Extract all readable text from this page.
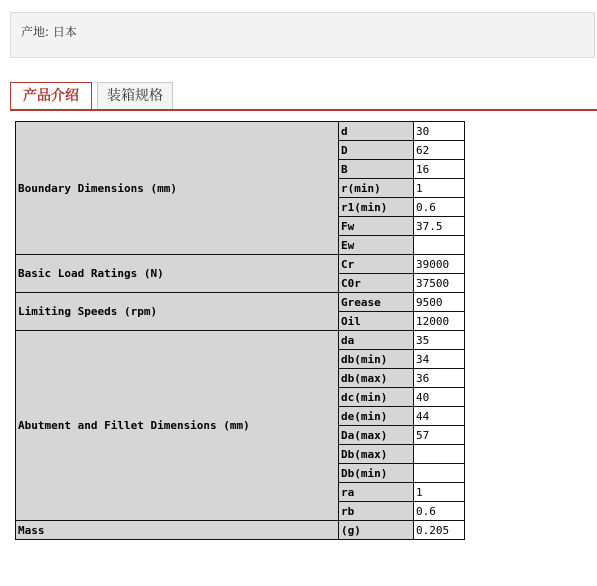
产地: 日本
产品介绍	装箱规格
Boundary Dimensions (mm)	d	30
	D	62
	B	16
	r(min)	1
	r1(min)	0.6
	Fw	37.5
	Ew	
Basic Load Ratings (N)	Cr	39000
	C0r	37500
Limiting Speeds (rpm)	Grease	9500
	Oil	12000
Abutment and Fillet Dimensions (mm)	da	35
	db(min)	34
	db(max)	36
	dc(min)	40
	de(min)	44
	Da(max)	57
	Db(max)	
	Db(min)	
	ra	1
	rb	0.6
Mass	(g)	0.205
shop13486...
